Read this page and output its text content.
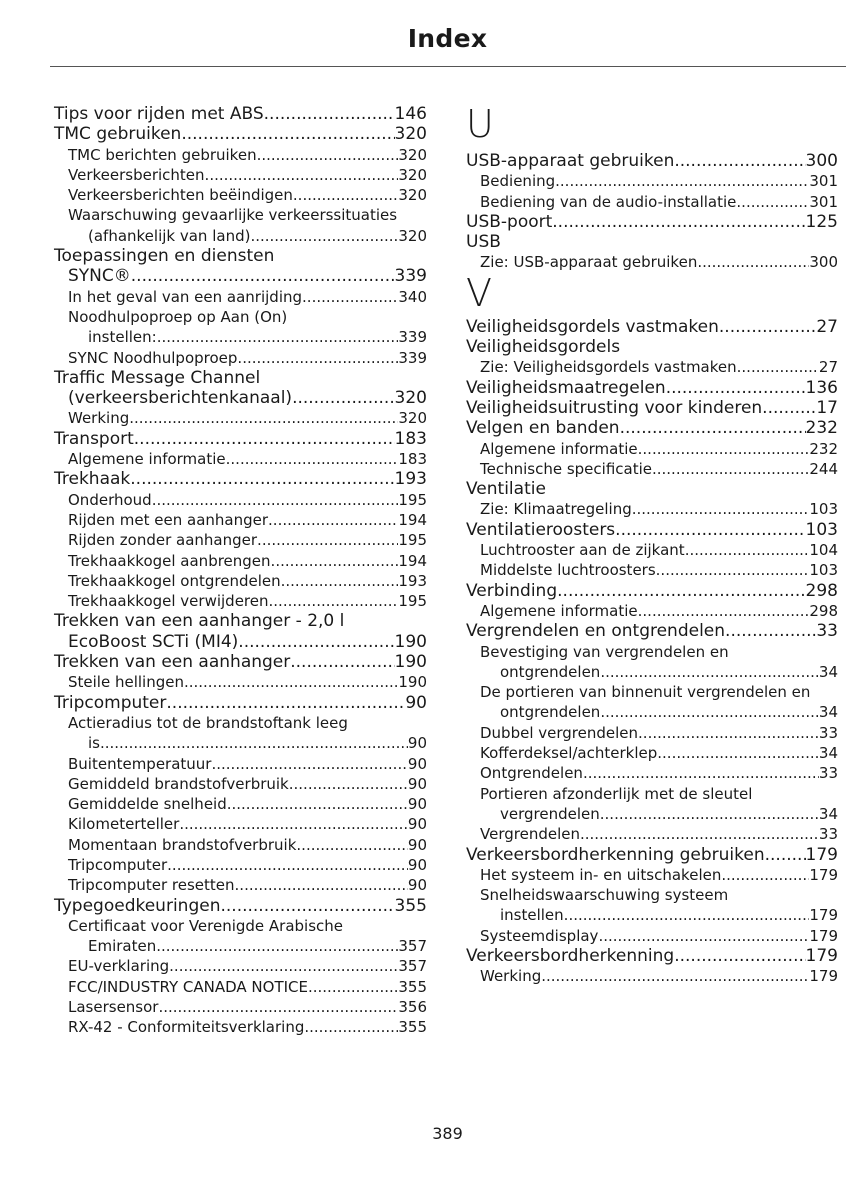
Index
Tips voor rijden met ABS .....	146
TMC gebruiken .....	320
TMC berichten gebruiken .....	320
Verkeersberichten .....	320
Verkeersberichten beëindigen .....	320
Waarschuwing gevaarlijke verkeerssituaties
(afhankelijk van land) .....	320
Toepassingen en diensten
SYNC® .....	339
In het geval van een aanrijding .....	340
Noodhulpoproep op Aan (On)
instellen: .....	339
SYNC Noodhulpoproep .....	339
Traffic Message Channel
(verkeersberichtenkanaal) .....	320
Werking .....	320
Transport .....	183
Algemene informatie .....	183
Trekhaak .....	193
Onderhoud .....	195
Rijden met een aanhanger .....	194
Rijden zonder aanhanger .....	195
Trekhaakkogel aanbrengen .....	194
Trekhaakkogel ontgrendelen .....	193
Trekhaakkogel verwijderen .....	195
Trekken van een aanhanger - 2,0 l
EcoBoost SCTi (MI4) .....	190
Trekken van een aanhanger .....	190
Steile hellingen .....	190
Tripcomputer .....	90
Actieradius tot de brandstoftank leeg
is .....	90
Buitentemperatuur .....	90
Gemiddeld brandstofverbruik .....	90
Gemiddelde snelheid .....	90
Kilometerteller .....	90
Momentaan brandstofverbruik .....	90
Tripcomputer .....	90
Tripcomputer resetten .....	90
Typegoedkeuringen .....	355
Certificaat voor Verenigde Arabische
Emiraten .....	357
EU-verklaring .....	357
FCC/INDUSTRY CANADA NOTICE .....	355
Lasersensor .....	356
RX-42 - Conformiteitsverklaring .....	355
U
USB-apparaat gebruiken .....	300
Bediening .....	301
Bediening van de audio-installatie .....	301
USB-poort .....	125
USB
Zie: USB-apparaat gebruiken .....	300
V
Veiligheidsgordels vastmaken .....	27
Veiligheidsgordels
Zie: Veiligheidsgordels vastmaken .....	27
Veiligheidsmaatregelen .....	136
Veiligheidsuitrusting voor kinderen .....	17
Velgen en banden .....	232
Algemene informatie .....	232
Technische specificatie .....	244
Ventilatie
Zie: Klimaatregeling .....	103
Ventilatieroosters .....	103
Luchtrooster aan de zijkant .....	104
Middelste luchtroosters .....	103
Verbinding .....	298
Algemene informatie .....	298
Vergrendelen en ontgrendelen .....	33
Bevestiging van vergrendelen en
ontgrendelen .....	34
De portieren van binnenuit vergrendelen en
ontgrendelen .....	34
Dubbel vergrendelen .....	33
Kofferdeksel/achterklep .....	34
Ontgrendelen .....	33
Portieren afzonderlijk met de sleutel
vergrendelen .....	34
Vergrendelen .....	33
Verkeersbordherkenning gebruiken ..... 179
Het systeem in- en uitschakelen .....	179
Snelheidswaarschuwing systeem
instellen .....	179
Systeemdisplay .....	179
Verkeersbordherkenning .....	179
Werking .....	179
389
